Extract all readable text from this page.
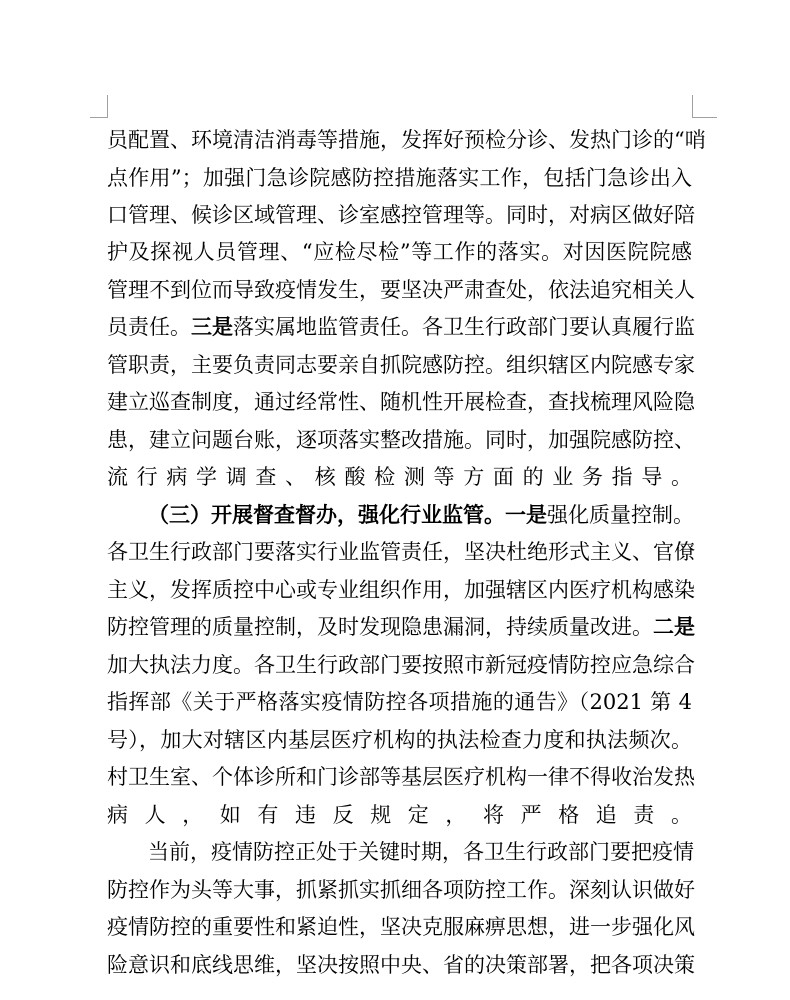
员配置、环境清洁消毒等措施，发挥好预检分诊、发热门诊的“哨
点作用”；加强门急诊院感防控措施落实工作，包括门急诊出入
口管理、候诊区域管理、诊室感控管理等。同时，对病区做好陪
护及探视人员管理、“应检尽检”等工作的落实。对因医院院感
管理不到位而导致疫情发生，要坚决严肃查处，依法追究相关人
员责任。三是落实属地监管责任。各卫生行政部门要认真履行监
管职责，主要负责同志要亲自抓院感防控。组织辖区内院感专家
建立巡查制度，通过经常性、随机性开展检查，查找梳理风险隐
患，建立问题台账，逐项落实整改措施。同时，加强院感防控、
流行病学调查、核酸检测等方面的业务指导。
（三）开展督查督办，强化行业监管。一是强化质量控制。
各卫生行政部门要落实行业监管责任，坚决杜绝形式主义、官僚
主义，发挥质控中心或专业组织作用，加强辖区内医疗机构感染
防控管理的质量控制，及时发现隐患漏洞，持续质量改进。二是
加大执法力度。各卫生行政部门要按照市新冠疫情防控应急综合
指挥部《关于严格落实疫情防控各项措施的通告》（2021 第 4
号），加大对辖区内基层医疗机构的执法检查力度和执法频次。
村卫生室、个体诊所和门诊部等基层医疗机构一律不得收治发热
病人，如有违反规定，将严格追责。
当前，疫情防控正处于关键时期，各卫生行政部门要把疫情
防控作为头等大事，抓紧抓实抓细各项防控工作。深刻认识做好
疫情防控的重要性和紧迫性，坚决克服麻痹思想，进一步强化风
险意识和底线思维，坚决按照中央、省的决策部署，把各项决策
